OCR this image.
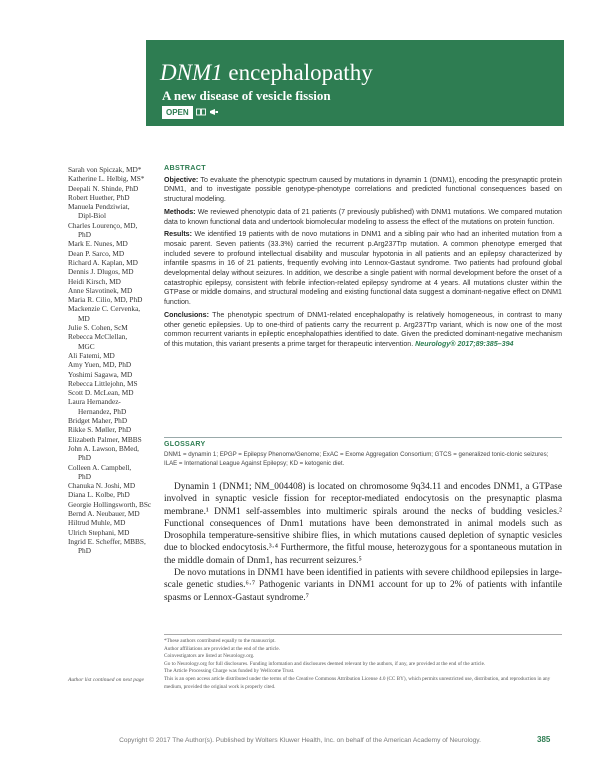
DNM1 encephalopathy
A new disease of vesicle fission
OPEN
Sarah von Spiczak, MD*
Katherine L. Helbig, MS*
Deepali N. Shinde, PhD
Robert Huether, PhD
Manuela Pendziwiat,
Dipl-Biol
Charles Lourenço, MD,
PhD
Mark E. Nunes, MD
Dean P. Sarco, MD
Richard A. Kaplan, MD
Dennis J. Dlugos, MD
Heidi Kirsch, MD
Anne Slavotinek, MD
Maria R. Cilio, MD, PhD
Mackenzie C. Cervenka,
MD
Julie S. Cohen, ScM
Rebecca McClellan,
MGC
Ali Fatemi, MD
Amy Yuen, MD, PhD
Yoshimi Sagawa, MD
Rebecca Littlejohn, MS
Scott D. McLean, MD
Laura Hernandez-
Hernandez, PhD
Bridget Maher, PhD
Rikke S. Møller, PhD
Elizabeth Palmer, MBBS
John A. Lawson, BMed,
PhD
Colleen A. Campbell,
PhD
Chanuka N. Joshi, MD
Diana L. Kolbe, PhD
Georgie Hollingsworth, BSc
Bernd A. Neubauer, MD
Hiltrud Muhle, MD
Ulrich Stephani, MD
Ingrid E. Scheffer, MBBS,
PhD
Author list continued on next page
ABSTRACT

Objective: To evaluate the phenotypic spectrum caused by mutations in dynamin 1 (DNM1), encoding the presynaptic protein DNM1, and to investigate possible genotype-phenotype correlations and predicted functional consequences based on structural modeling.

Methods: We reviewed phenotypic data of 21 patients (7 previously published) with DNM1 mutations. We compared mutation data to known functional data and undertook biomolecular modeling to assess the effect of the mutations on protein function.

Results: We identified 19 patients with de novo mutations in DNM1 and a sibling pair who had an inherited mutation from a mosaic parent. Seven patients (33.3%) carried the recurrent p.Arg237Trp mutation. A common phenotype emerged that included severe to profound intellectual disability and muscular hypotonia in all patients and an epilepsy characterized by infantile spasms in 16 of 21 patients, frequently evolving into Lennox-Gastaut syndrome. Two patients had profound global developmental delay without seizures. In addition, we describe a single patient with normal development before the onset of a catastrophic epilepsy, consistent with febrile infection-related epilepsy syndrome at 4 years. All mutations cluster within the GTPase or middle domains, and structural modeling and existing functional data suggest a dominant-negative effect on DNM1 function.

Conclusions: The phenotypic spectrum of DNM1-related encephalopathy is relatively homogeneous, in contrast to many other genetic epilepsies. Up to one-third of patients carry the recurrent p. Arg237Trp variant, which is now one of the most common recurrent variants in epileptic encephalopathies identified to date. Given the predicted dominant-negative mechanism of this mutation, this variant presents a prime target for therapeutic intervention. Neurology® 2017;89:385–394

GLOSSARY
DNM1 = dynamin 1; EPGP = Epilepsy Phenome/Genome; ExAC = Exome Aggregation Consortium; GTCS = generalized tonic-clonic seizures; ILAE = International League Against Epilepsy; KD = ketogenic diet.

Dynamin 1 (DNM1; NM_004408) is located on chromosome 9q34.11 and encodes DNM1, a GTPase involved in synaptic vesicle fission for receptor-mediated endocytosis on the presynaptic plasma membrane.¹ DNM1 self-assembles into multimeric spirals around the necks of budding vesicles.² Functional consequences of Dnm1 mutations have been demonstrated in animal models such as Drosophila temperature-sensitive shibire flies, in which mutations caused depletion of synaptic vesicles due to blocked endocytosis.³·⁴ Furthermore, the fitful mouse, heterozygous for a spontaneous mutation in the middle domain of Dnm1, has recurrent seizures.⁵

De novo mutations in DNM1 have been identified in patients with severe childhood epilepsies in large-scale genetic studies.⁶·⁷ Pathogenic variants in DNM1 account for up to 2% of patients with infantile spasms or Lennox-Gastaut syndrome.⁷

*These authors contributed equally to the manuscript.
Author affiliations are provided at the end of the article.
Coinvestigators are listed at Neurology.org.
Go to Neurology.org for full disclosures. Funding information and disclosures deemed relevant by the authors, if any, are provided at the end of the article.
The Article Processing Charge was funded by Wellcome Trust.
This is an open access article distributed under the terms of the Creative Commons Attribution License 4.0 (CC BY), which permits unrestricted use, distribution, and reproduction in any medium, provided the original work is properly cited.
Copyright © 2017 The Author(s). Published by Wolters Kluwer Health, Inc. on behalf of the American Academy of Neurology.	385
